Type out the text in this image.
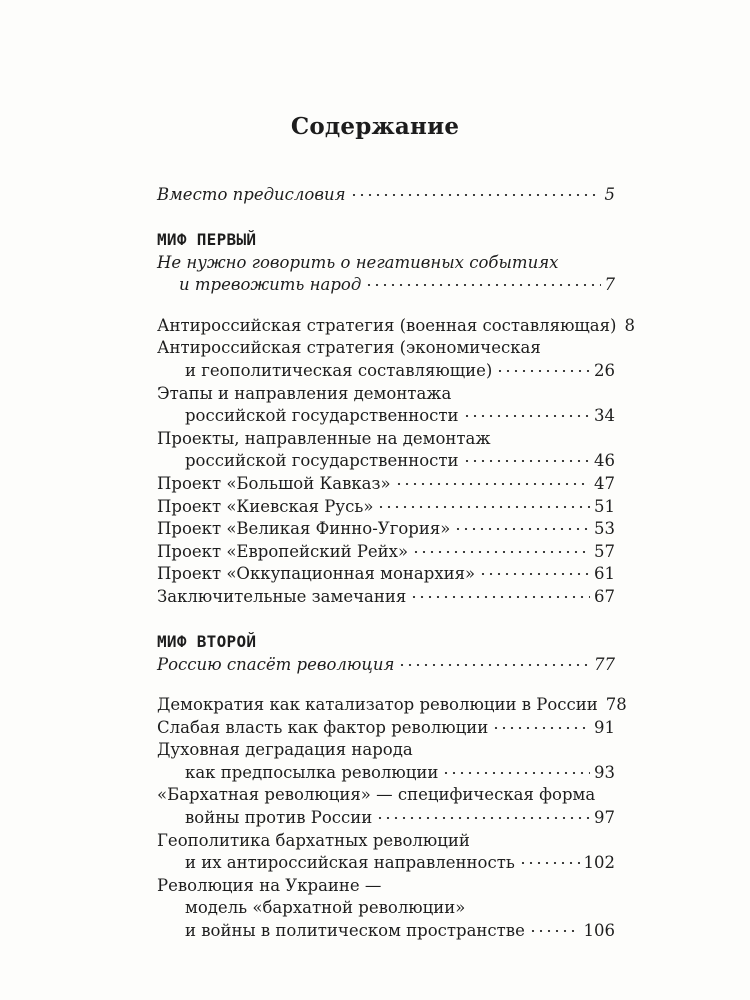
Содержание
Вместо предисловия	5
МИФ ПЕРВЫЙ
Не нужно говорить о негативных событиях
и тревожить народ	7
Антироссийская стратегия (военная составляющая) 8
Антироссийская стратегия (экономическая
и геополитическая составляющие)	26
Этапы и направления демонтажа
российской государственности	34
Проекты, направленные на демонтаж
российской государственности	46
Проект «Большой Кавказ»	47
Проект «Киевская Русь»	51
Проект «Великая Финно-Угория»	53
Проект «Европейский Рейх»	57
Проект «Оккупационная монархия»	61
Заключительные замечания	67
МИФ ВТОРОЙ
Россию спасёт революция	77
Демократия как катализатор революции в России 78
Слабая власть как фактор революции	91
Духовная деградация народа
как предпосылка революции	93
«Бархатная революция» — специфическая форма
войны против России	97
Геополитика бархатных революций
и их антироссийская направленность	102
Революция на Украине —
модель «бархатной революции»
и войны в политическом пространстве	106
